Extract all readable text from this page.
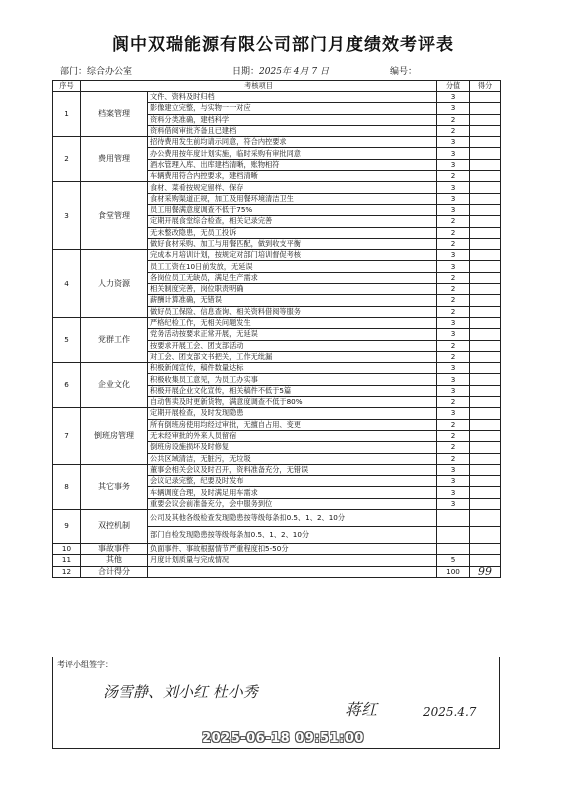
阆中双瑞能源有限公司部门月度绩效考评表
部门：综合办公室	日期：2025年 4月 7 日	编号：
序号	考核项目		分值	得分
1	档案管理	文件、资料及时归档	3	
		影像建立完整，与实物一一对应	3	
		资料分类准确，建档科学	2	
		资料借阅审批齐备且已建档	2	
2	费用管理	招待费用发生前均请示同意，符合内控要求	3	
		办公费用按年度计划实施，临时采购有审批同意	3	
		酒水管理入库、出库建档清晰，账物相符	3	
		车辆费用符合内控要求，建档清晰	2	
3	食堂管理	食材、菜肴按规定留样、保存	3	
		食材采购渠道正规，加工及用餐环境清洁卫生	3	
		员工用餐满意度调查不低于75%	3	
		定期开展食堂综合检查，相关记录完善	2	
		无未整改隐患，无员工投诉	2	
		做好食材采购、加工与用餐匹配，做到收支平衡	2	
4	人力资源	完成本月培训计划，按规定对部门培训督促考核	3	
		员工工资在10日前发放，无延误	3	
		各岗位员工无缺员，满足生产需求	2	
		相关制度完善，岗位职责明确	2	
		薪酬计算准确，无错误	2	
		做好员工保险、信息查询、相关资料借阅等服务	2	
5	党群工作	严格纪检工作，无相关问题发生	3	
		党务活动按要求正常开展，无延误	3	
		按要求开展工会、团支部活动	2	
		对工会、团支部文书把关，工作无纰漏	2	
6	企业文化	积极新闻宣传，稿件数量达标	3	
		积极收集员工意见，为员工办实事	3	
		积极开展企业文化宣传，相关稿件不低于5篇	3	
		自动售卖及时更新货物，满意度调查不低于80%	2	
7	倒班房管理	定期开展检查，及时发现隐患	3	
		所有倒班房使用均经过审批，无擅自占用、变更	2	
		无未经审批的外来人员留宿	2	
		倒班房设施损坏及时修复	2	
		公共区域清洁，无脏污，无垃圾	2	
8	其它事务	董事会相关会议及时召开，资料准备充分，无错误	3	
		会议记录完整，纪要及时发布	3	
		车辆调度合理，及时满足用车需求	3	
		重要会议会前准备充分，会中服务到位	3	
9	双控机制	公司及其他各级检查发现隐患按等级每条扣0.5、1、2、10分		
		部门自检发现隐患按等级每条加0.5、1、2、10分		
10	事故事件	负面事件、事故根据情节严重程度扣5-50分		
11	其他	月度计划质量与完成情况	5	
12	合计得分		100	99
考评小组签字：
汤雪静、刘小红 杜小秀
蒋红	2025.4.7
2025-06-18 09:51:00
